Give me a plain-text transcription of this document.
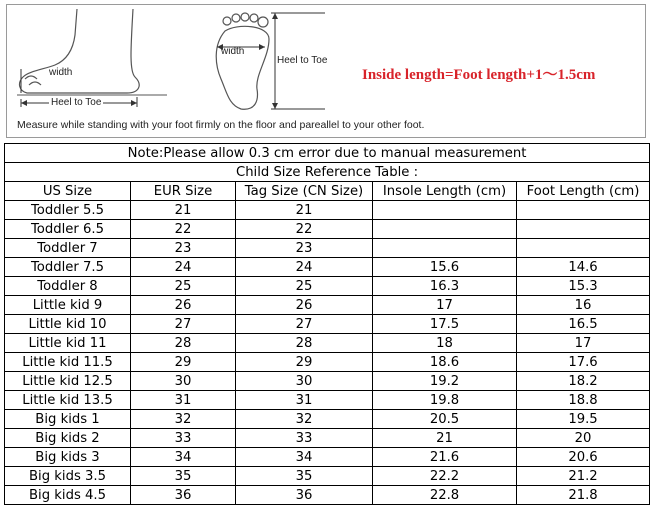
width
Heel to Toe
width
Heel to Toe
Inside length=Foot length+1～1.5cm
Measure while standing with your foot firmly on the floor and pareallel to your other foot.
Note:Please allow 0.3 cm error due to manual measurement				
Child Size Reference Table :				
US Size	EUR Size	Tag Size (CN Size)	Insole Length (cm)	Foot Length (cm)
Toddler 5.5	21	21		
Toddler 6.5	22	22		
Toddler 7	23	23		
Toddler 7.5	24	24	15.6	14.6
Toddler 8	25	25	16.3	15.3
Little kid 9	26	26	17	16
Little kid 10	27	27	17.5	16.5
Little kid 11	28	28	18	17
Little kid 11.5	29	29	18.6	17.6
Little kid 12.5	30	30	19.2	18.2
Little kid 13.5	31	31	19.8	18.8
Big kids 1	32	32	20.5	19.5
Big kids 2	33	33	21	20
Big kids 3	34	34	21.6	20.6
Big kids 3.5	35	35	22.2	21.2
Big kids 4.5	36	36	22.8	21.8
